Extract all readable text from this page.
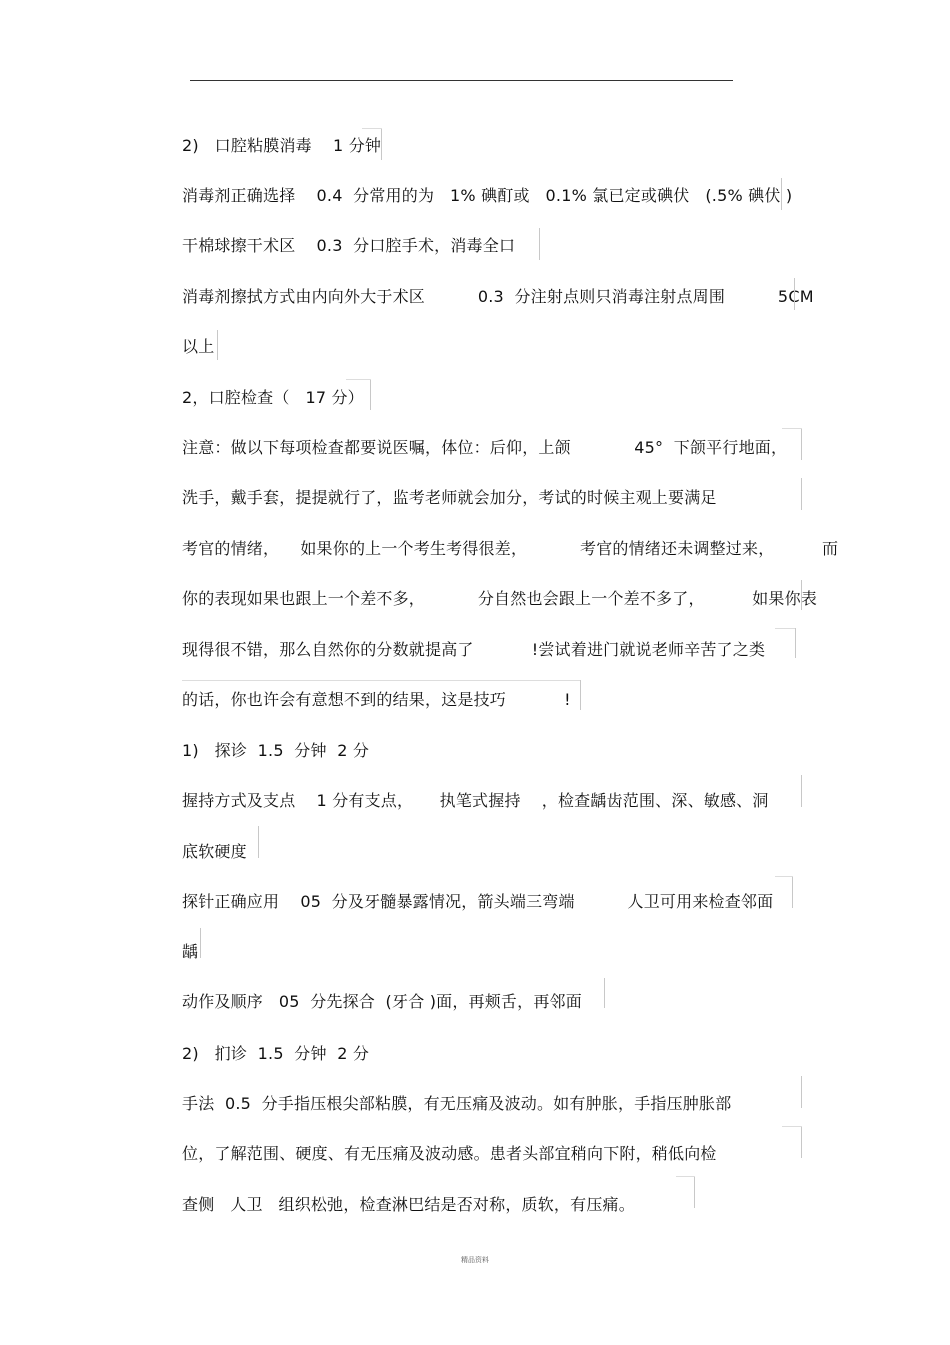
2)   口腔粘膜消毒    1 分钟
消毒剂正确选择    0.4  分常用的为   1% 碘酊或   0.1% 氯已定或碘伏   (.5% 碘伏 )
干棉球擦干术区    0.3  分口腔手术，消毒全口
消毒剂擦拭方式由内向外大于术区          0.3  分注射点则只消毒注射点周围          5CM
以上
2，口腔检查（   17 分）
注意：做以下每项检查都要说医嘱，体位：后仰，上颌            45°  下颌平行地面，
洗手，戴手套，提提就行了，监考老师就会加分，考试的时候主观上要满足
考官的情绪，    如果你的上一个考生考得很差，          考官的情绪还未调整过来，         而
你的表现如果也跟上一个差不多，          分自然也会跟上一个差不多了，         如果你表
现得很不错，那么自然你的分数就提高了           !尝试着进门就说老师辛苦了之类
的话，你也许会有意想不到的结果，这是技巧           !
1)   探诊  1.5  分钟  2 分
握持方式及支点    1 分有支点，     执笔式握持    ，检查龋齿范围、深、敏感、洞
底软硬度
探针正确应用    05  分及牙髓暴露情况，箭头端三弯端          人卫可用来检查邻面
龋
动作及顺序   05  分先探合  (牙合 )面，再颊舌，再邻面
2)   扪诊  1.5  分钟  2 分
手法  0.5  分手指压根尖部粘膜，有无压痛及波动。如有肿胀，手指压肿胀部
位，了解范围、硬度、有无压痛及波动感。患者头部宜稍向下附，稍低向检
查侧   人卫   组织松弛，检查淋巴结是否对称，质软，有压痛。
精品资料
